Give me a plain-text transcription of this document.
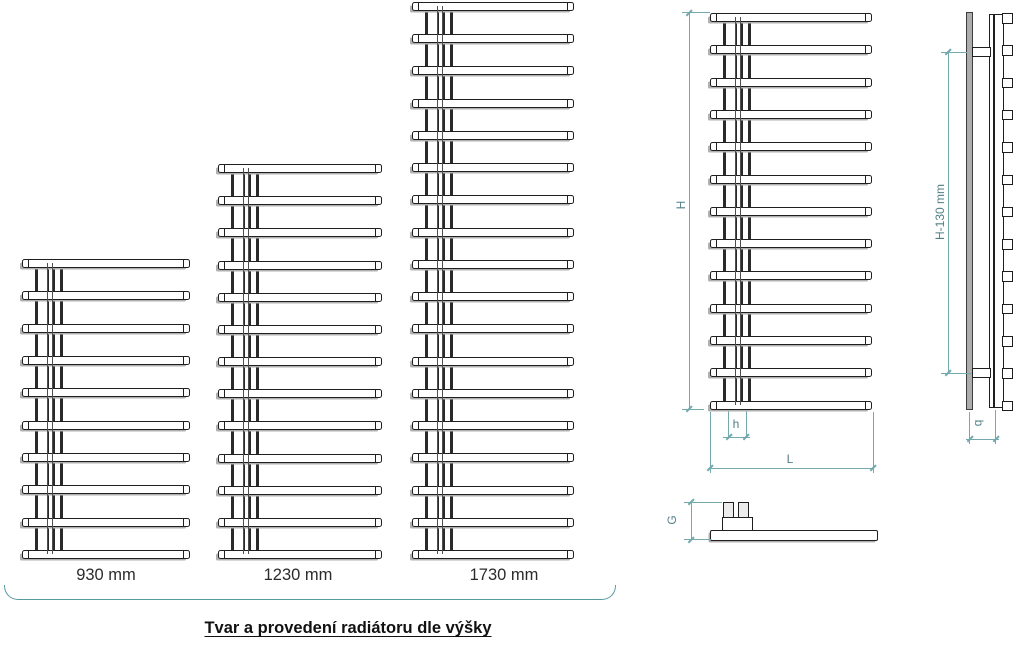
930 mm	1230 mm	1730 mm
Tvar a provedení radiátoru dle výšky
H
h
L
H-130 mm
b
G
